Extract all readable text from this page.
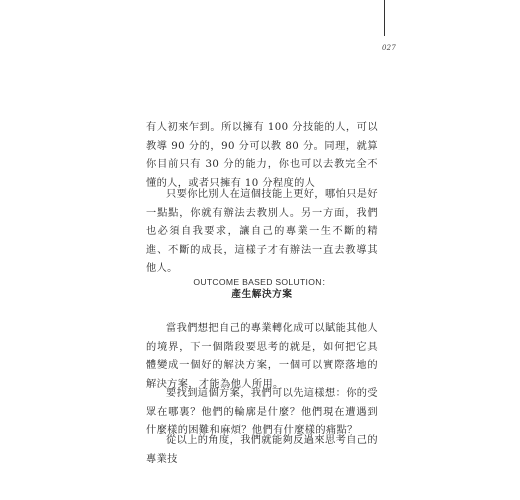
027

有人初來乍到。所以擁有 100 分技能的人，可以教導 90 分的，90 分可以教 80 分。同理，就算你目前只有 30 分的能力，你也可以去教完全不懂的人，或者只擁有 10 分程度的人

只要你比別人在這個技能上更好，哪怕只是好一點點，你就有辦法去教別人。另一方面，我們也必須自我要求，讓自己的專業一生不斷的精進、不斷的成長，這樣子才有辦法一直去教導其他人。

OUTCOME BASED SOLUTION：
產生解決方案

當我們想把自己的專業轉化成可以賦能其他人的境界，下一個階段要思考的就是，如何把它具體變成一個好的解決方案，一個可以實際落地的解決方案，才能為他人所用。

要找到這個方案，我們可以先這樣想：你的受眾在哪裏？他們的輪廓是什麼？他們現在遭遇到什麼樣的困難和麻煩？他們有什麼樣的痛點？

從以上的角度，我們就能夠反過來思考自己的專業技
